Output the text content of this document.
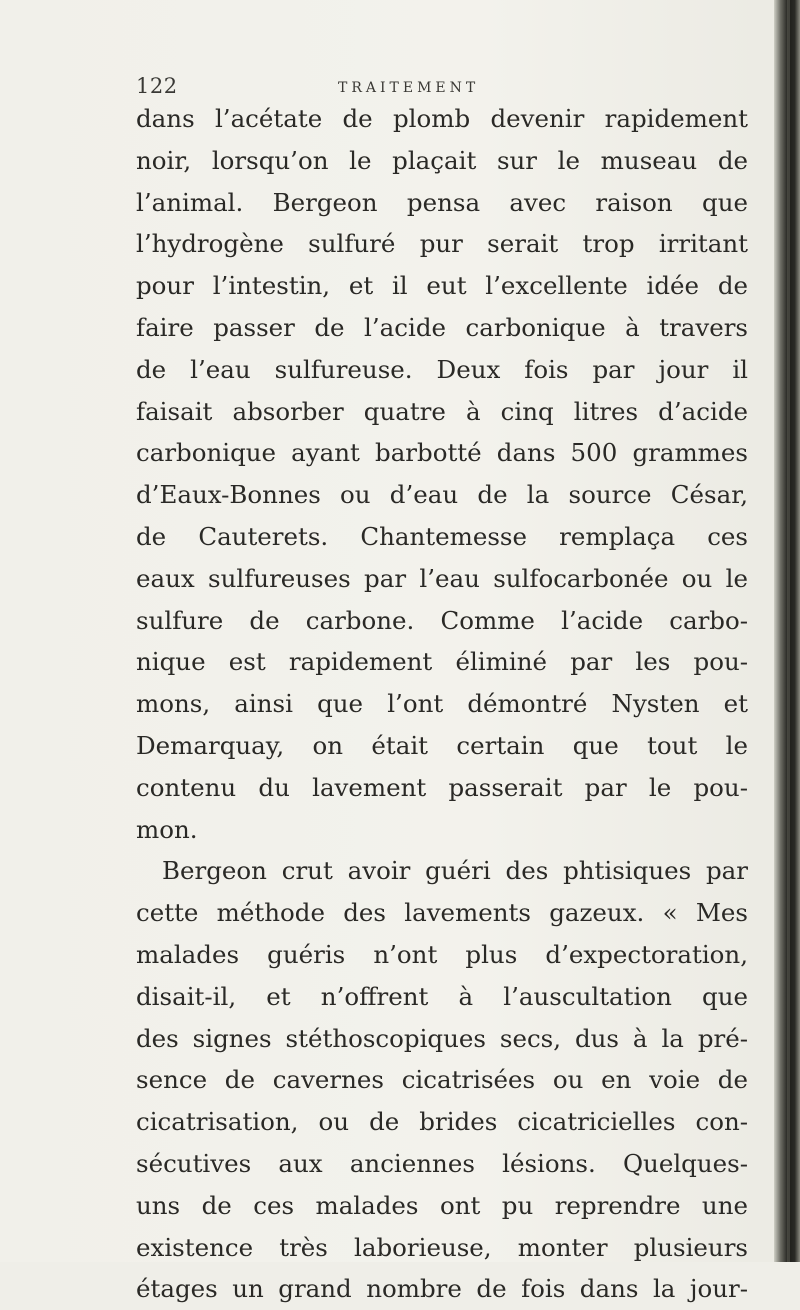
122	TRAITEMENT
dans l’acétate de plomb devenir rapidement
noir, lorsqu’on le plaçait sur le museau de
l’animal. Bergeon pensa avec raison que
l’hydrogène sulfuré pur serait trop irritant
pour l’intestin, et il eut l’excellente idée de
faire passer de l’acide carbonique à travers
de l’eau sulfureuse. Deux fois par jour il
faisait absorber quatre à cinq litres d’acide
carbonique ayant barbotté dans 500 grammes
d’Eaux-Bonnes ou d’eau de la source César,
de Cauterets. Chantemesse remplaça ces
eaux sulfureuses par l’eau sulfocarbonée ou le
sulfure de carbone. Comme l’acide carbo-
nique est rapidement éliminé par les pou-
mons, ainsi que l’ont démontré Nysten et
Demarquay, on était certain que tout le
contenu du lavement passerait par le pou-
mon.
Bergeon crut avoir guéri des phtisiques par
cette méthode des lavements gazeux. « Mes
malades guéris n’ont plus d’expectoration,
disait-il, et n’offrent à l’auscultation que
des signes stéthoscopiques secs, dus à la pré-
sence de cavernes cicatrisées ou en voie de
cicatrisation, ou de brides cicatricielles con-
sécutives aux anciennes lésions. Quelques-
uns de ces malades ont pu reprendre une
existence très laborieuse, monter plusieurs
étages un grand nombre de fois dans la jour-
